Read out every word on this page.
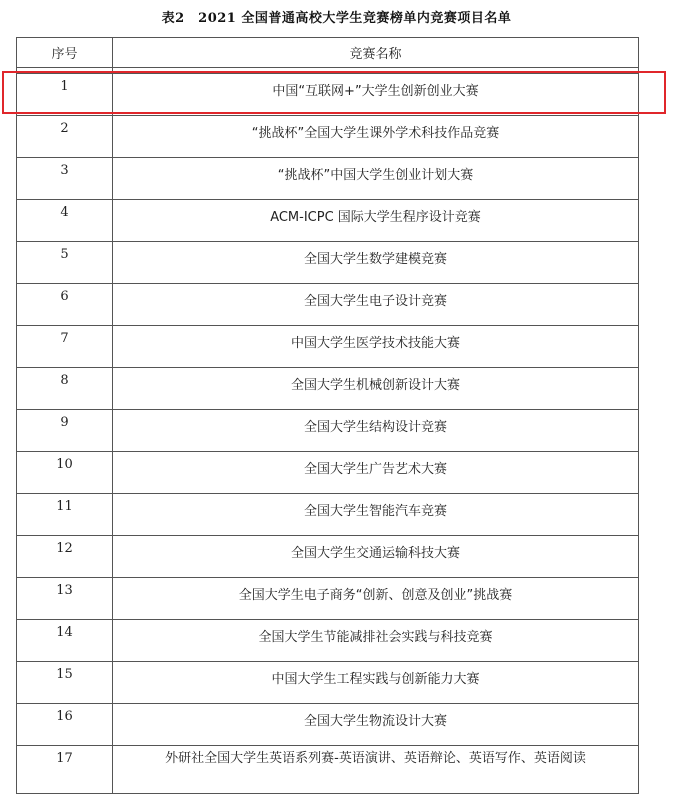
表2　2021 全国普通高校大学生竞赛榜单内竞赛项目名单
序号	竞赛名称

1	中国“互联网+”大学生创新创业大赛
2	“挑战杯”全国大学生课外学术科技作品竞赛
3	“挑战杯”中国大学生创业计划大赛
4	ACM-ICPC 国际大学生程序设计竞赛
5	全国大学生数学建模竞赛
6	全国大学生电子设计竞赛
7	中国大学生医学技术技能大赛
8	全国大学生机械创新设计大赛
9	全国大学生结构设计竞赛
10	全国大学生广告艺术大赛
11	全国大学生智能汽车竞赛
12	全国大学生交通运输科技大赛
13	全国大学生电子商务“创新、创意及创业”挑战赛
14	全国大学生节能减排社会实践与科技竞赛
15	中国大学生工程实践与创新能力大赛
16	全国大学生物流设计大赛
17	外研社全国大学生英语系列赛-英语演讲、英语辩论、英语写作、英语阅读
